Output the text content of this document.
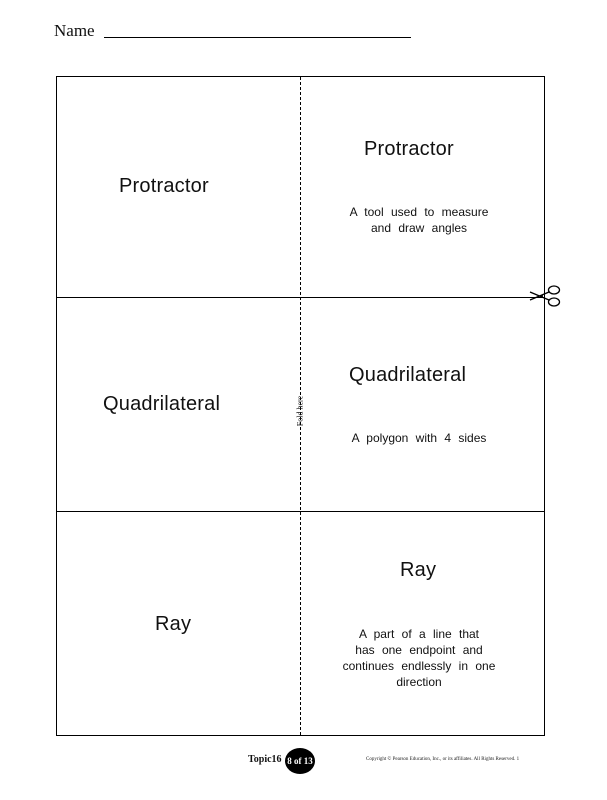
Name
Fold here
Protractor
Protractor
A tool used to measure
and draw angles
Quadrilateral
Quadrilateral
A polygon with 4 sides
Ray
Ray
A part of a line that
has one endpoint and
continues endlessly in one
direction
Topic16 8 of 13	Copyright © Pearson Education, Inc., or its affiliates. All Rights Reserved. 1
